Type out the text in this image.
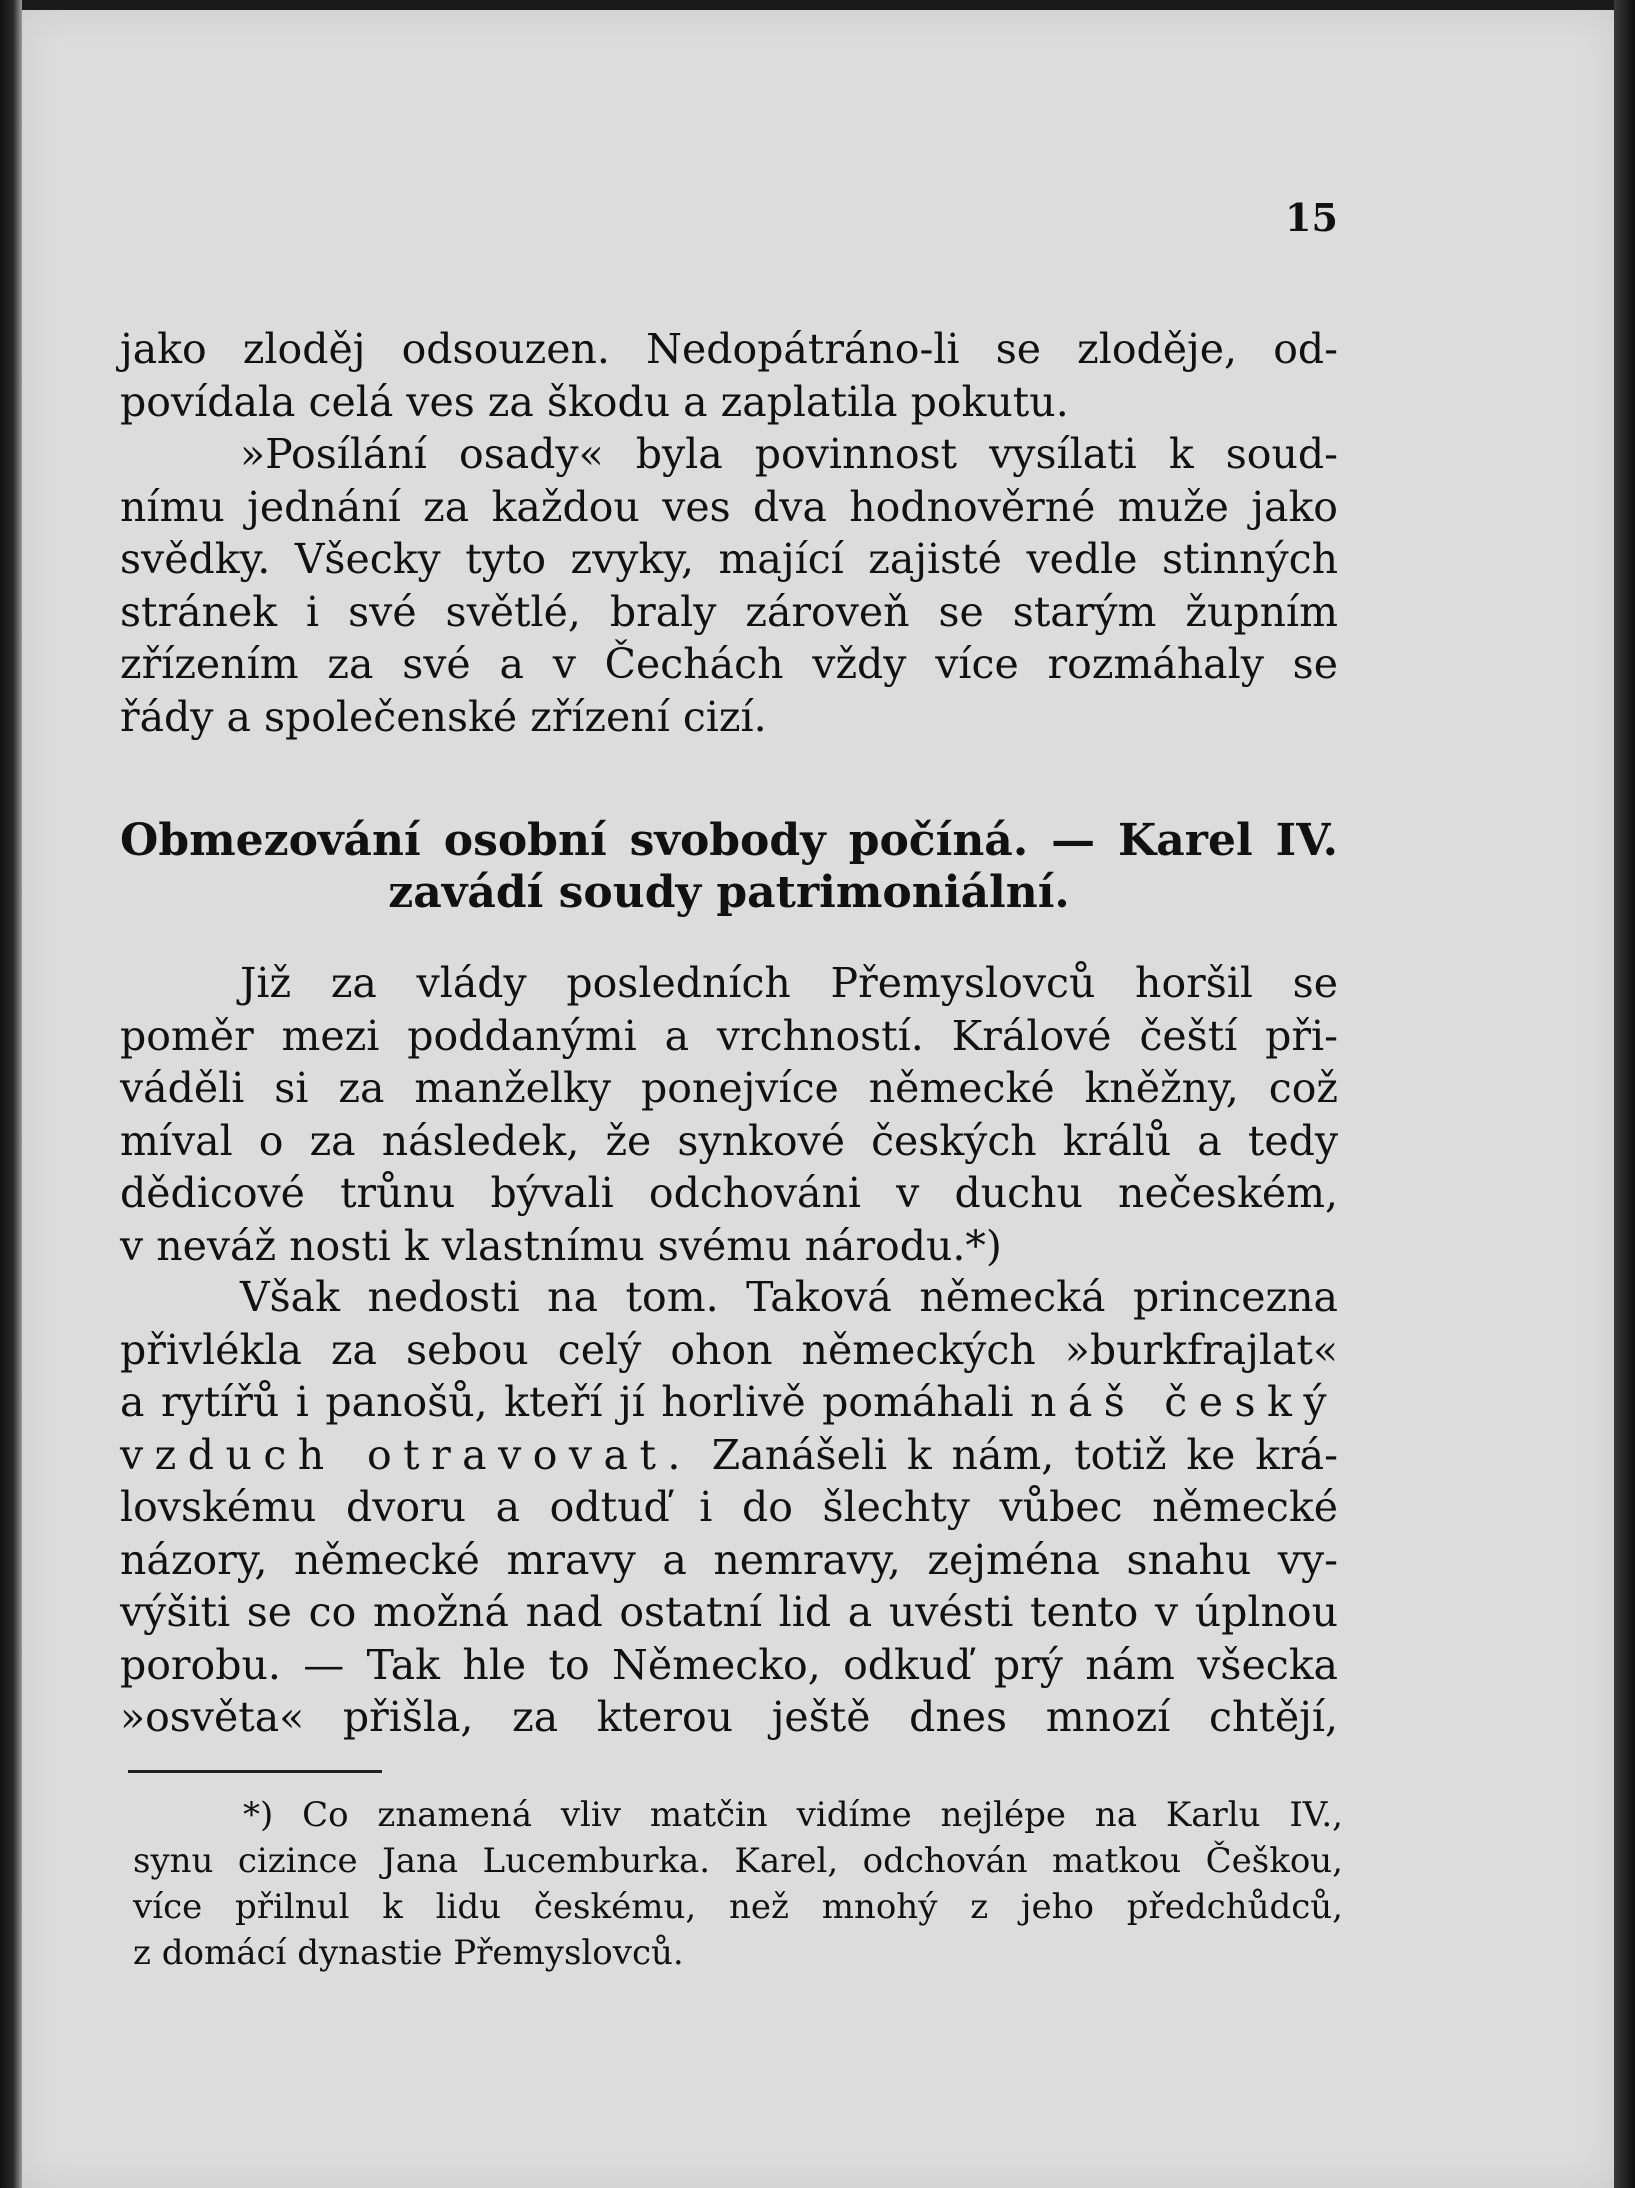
15

jako zloděj odsouzen. Nedopátráno-li se zloděje, od-
povídala celá ves za škodu a zaplatila pokutu.
»Posílání osady« byla povinnost vysílati k soud-
nímu jednání za každou ves dva hodnověrné muže jako
svědky. Všecky tyto zvyky, mající zajisté vedle stinných
stránek i své světlé, braly zároveň se starým župním
zřízením za své a v Čechách vždy více rozmáhaly se
řády a společenské zřízení cizí.

Obmezování osobní svobody počíná. — Karel IV.
zavádí soudy patrimoniální.

Již za vlády posledních Přemyslovců horšil se
poměr mezi poddanými a vrchností. Králové čeští při-
váděli si za manželky ponejvíce německé kněžny, což
míval o za následek, že synkové českých králů a tedy
dědicové trůnu bývali odchováni v duchu nečeském,
v neváž nosti k vlastnímu svému národu.*)

Však nedosti na tom. Taková německá princezna
přivlékla za sebou celý ohon německých »burkfrajlat«
a rytířů i panošů, kteří jí horlivě pomáhali náš český
vzduch otravovat. Zanášeli k nám, totiž ke krá-
lovskému dvoru a odtuď i do šlechty vůbec německé
názory, německé mravy a nemravy, zejména snahu vy-
výšiti se co možná nad ostatní lid a uvésti tento v úplnou
porobu. — Tak hle to Německo, odkuď prý nám všecka
»osvěta« přišla, za kterou ještě dnes mnozí chtějí,

*) Co znamená vliv matčin vidíme nejlépe na Karlu IV.,
synu cizince Jana Lucemburka. Karel, odchován matkou Češkou,
více přilnul k lidu českému, než mnohý z jeho předchůdců,
z domácí dynastie Přemyslovců.
